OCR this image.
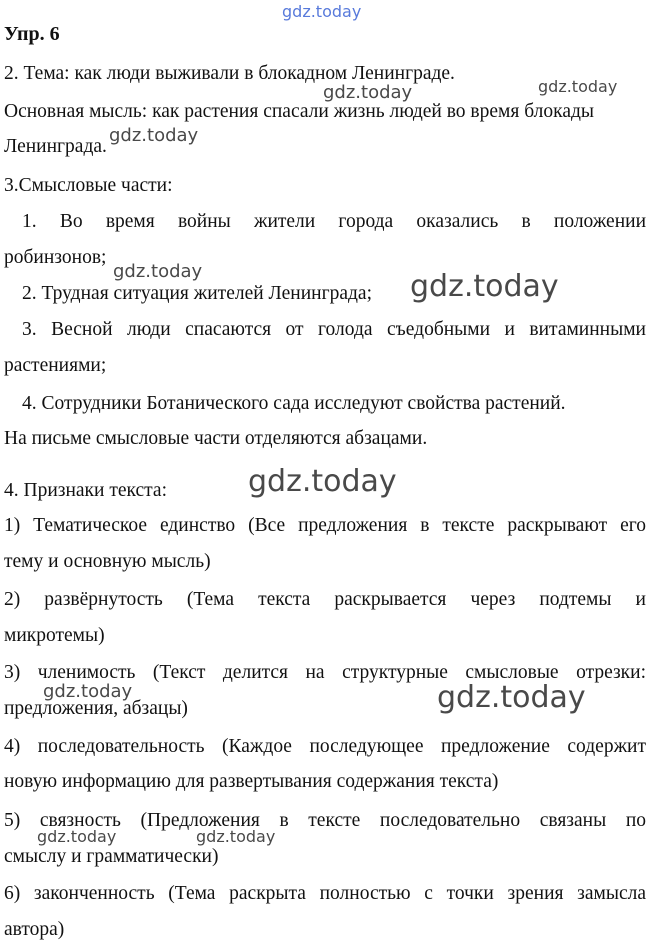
gdz.today
gdz.today	gdz.today
gdz.today
gdz.today	gdz.today
gdz.today
gdz.today	gdz.today
gdz.today	gdz.today
Упр. 6
2. Тема: как люди выживали в блокадном Ленинграде.
Основная мысль: как растения спасали жизнь людей во время блокады
Ленинграда.
3.Смысловые части:
1. Во время войны жители города оказались в положении
робинзонов;
2. Трудная ситуация жителей Ленинграда;
3. Весной люди спасаются от голода съедобными и витаминными
растениями;
4. Сотрудники Ботанического сада исследуют свойства растений.
На письме смысловые части отделяются абзацами.
4. Признаки текста:
1) Тематическое единство (Все предложения в тексте раскрывают его
тему и основную мысль)
2) развёрнутость (Тема текста раскрывается через подтемы и
микротемы)
3) членимость (Текст делится на структурные смысловые отрезки:
предложения, абзацы)
4) последовательность (Каждое последующее предложение содержит
новую информацию для развертывания содержания текста)
5) связность (Предложения в тексте последовательно связаны по
смыслу и грамматически)
6) законченность (Тема раскрыта полностью с точки зрения замысла
автора)
